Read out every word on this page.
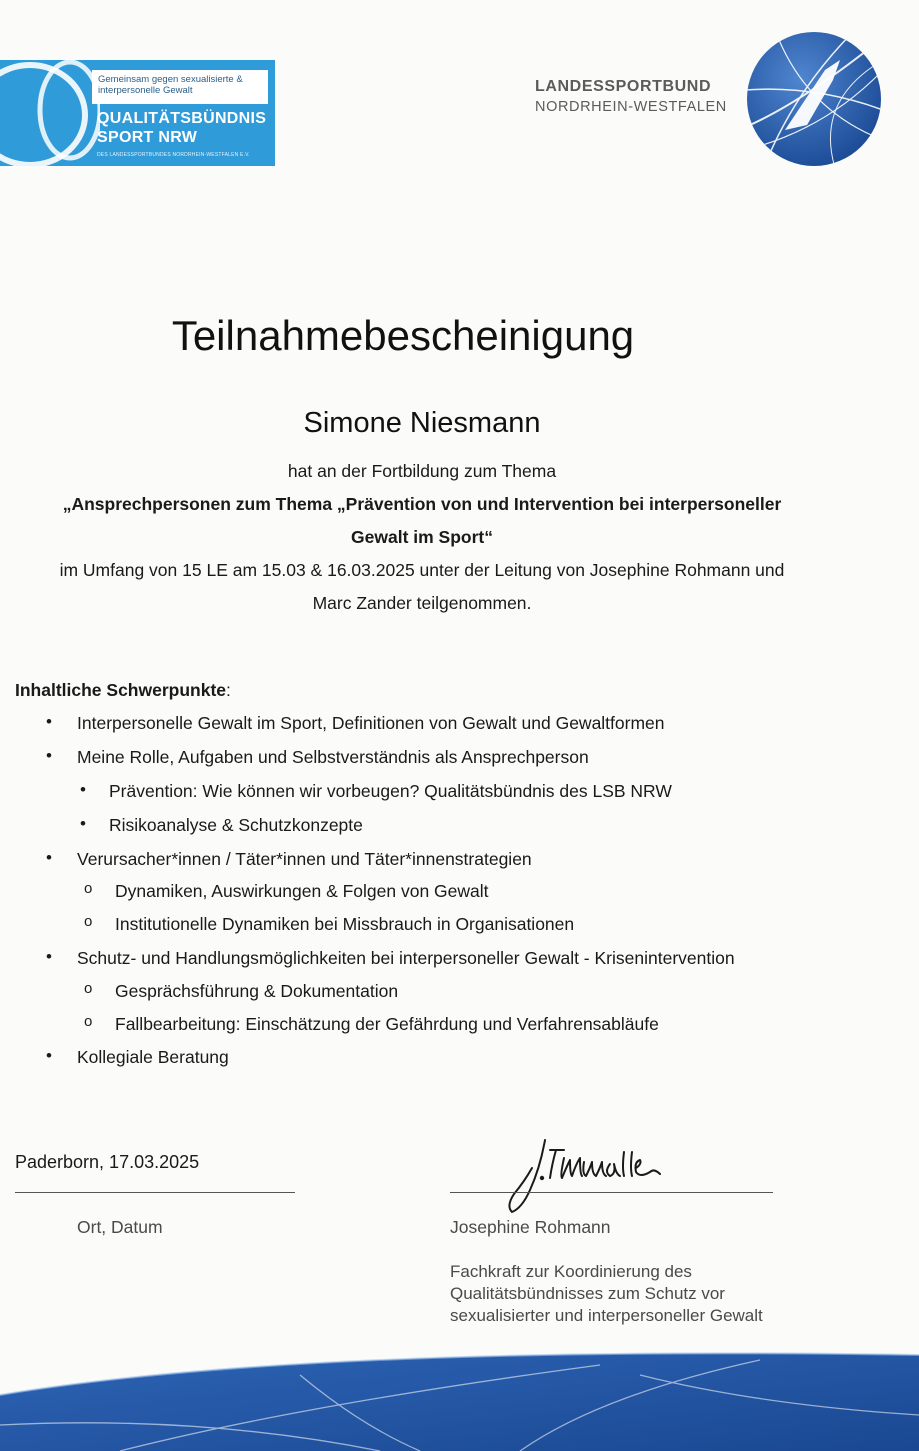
Gemeinsam gegen sexualisierte & interpersonelle Gewalt
QUALITÄTSBÜNDNIS
SPORT NRW
DES LANDESSPORTBUNDES NORDRHEIN-WESTFALEN E.V.
LANDESSPORTBUND
NORDRHEIN-WESTFALEN
Teilnahmebescheinigung
Simone Niesmann
hat an der Fortbildung zum Thema
„Ansprechpersonen zum Thema „Prävention von und Intervention bei interpersoneller
Gewalt im Sport“
im Umfang von 15 LE am 15.03 & 16.03.2025 unter der Leitung von Josephine Rohmann und
Marc Zander teilgenommen.
Inhaltliche Schwerpunkte:
• Interpersonelle Gewalt im Sport, Definitionen von Gewalt und Gewaltformen
• Meine Rolle, Aufgaben und Selbstverständnis als Ansprechperson
• Prävention: Wie können wir vorbeugen? Qualitätsbündnis des LSB NRW
• Risikoanalyse & Schutzkonzepte
• Verursacher*innen / Täter*innen und Täter*innenstrategien
o Dynamiken, Auswirkungen & Folgen von Gewalt
o Institutionelle Dynamiken bei Missbrauch in Organisationen
• Schutz- und Handlungsmöglichkeiten bei interpersoneller Gewalt - Krisenintervention
o Gesprächsführung & Dokumentation
o Fallbearbeitung: Einschätzung der Gefährdung und Verfahrensabläufe
• Kollegiale Beratung
Paderborn, 17.03.2025
Ort, Datum	Josephine Rohmann
Fachkraft zur Koordinierung des
Qualitätsbündnisses zum Schutz vor
sexualisierter und interpersoneller Gewalt
